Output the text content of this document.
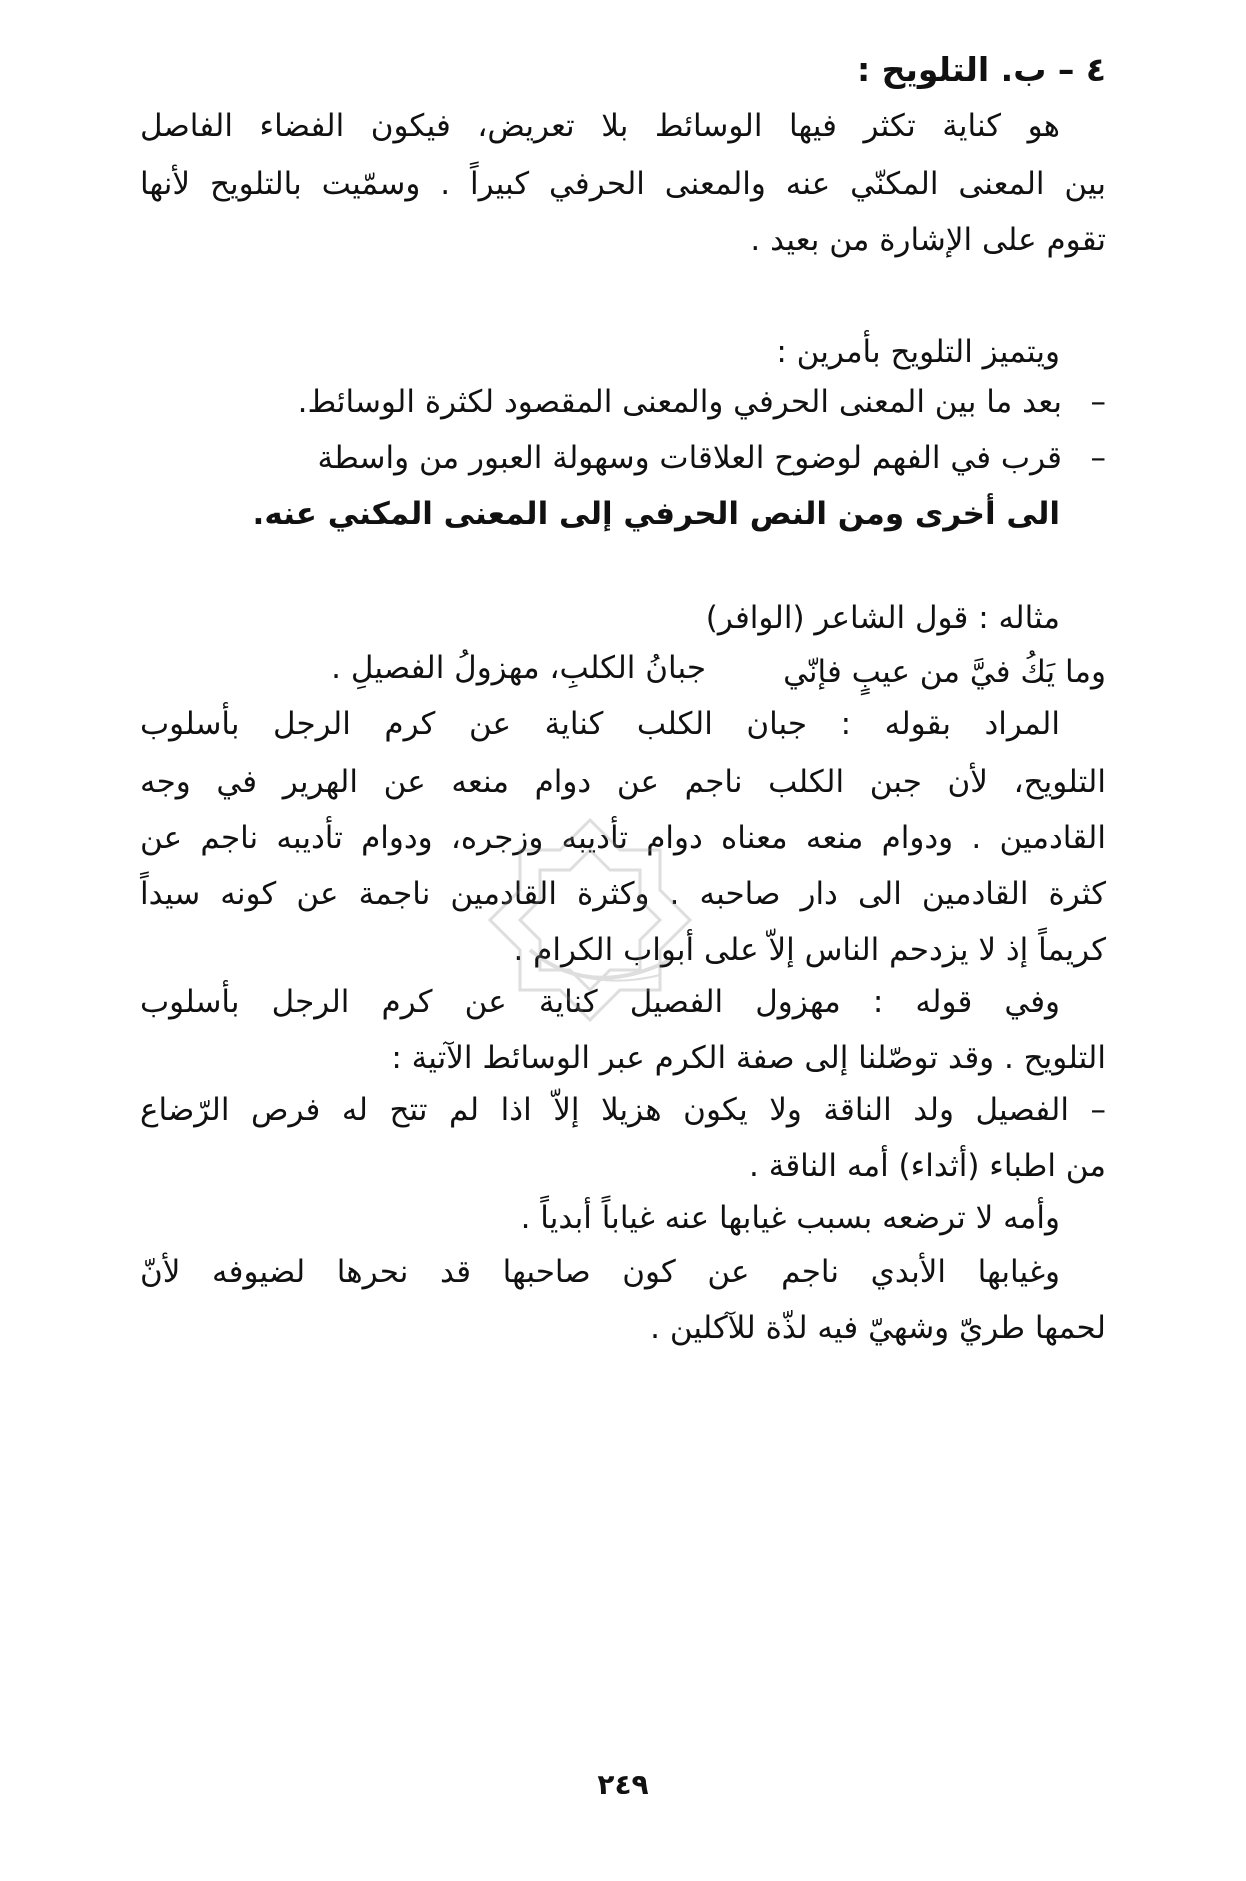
٤ – ب. التلويح :
هو كناية تكثر فيها الوسائط بلا تعريض، فيكون الفضاء الفاصل
بين المعنى المكنّي عنه والمعنى الحرفي كبيراً . وسمّيت بالتلويح لأنها
تقوم على الإشارة من بعيد .
ويتميز التلويح بأمرين :
–بعد ما بين المعنى الحرفي والمعنى المقصود لكثرة الوسائط.
–قرب في الفهم لوضوح العلاقات وسهولة العبور من واسطة
الى أخرى ومن النص الحرفي إلى المعنى المكني عنه.
مثاله : قول الشاعر (الوافر)
وما يَكُ فيَّ من عيبٍ فإنّي
جبانُ الكلبِ، مهزولُ الفصيلِ .
المراد بقوله : جبان الكلب كناية عن كرم الرجل بأسلوب
التلويح، لأن جبن الكلب ناجم عن دوام منعه عن الهرير في وجه
القادمين . ودوام منعه معناه دوام تأديبه وزجره، ودوام تأديبه ناجم عن
كثرة القادمين الى دار صاحبه . وكثرة القادمين ناجمة عن كونه سيداً
كريماً إذ لا يزدحم الناس إلاّ على أبواب الكرام .
وفي قوله : مهزول الفصيل كناية عن كرم الرجل بأسلوب
التلويح . وقد توصّلنا إلى صفة الكرم عبر الوسائط الآتية :
– الفصيل ولد الناقة ولا يكون هزيلا إلاّ اذا لم تتح له فرص الرّضاع
من اطباء (أثداء) أمه الناقة .
وأمه لا ترضعه بسبب غيابها عنه غياباً أبدياً .
وغيابها الأبدي ناجم عن كون صاحبها قد نحرها لضيوفه لأنّ
لحمها طريّ وشهيّ فيه لذّة للآكلين .
٢٤٩
